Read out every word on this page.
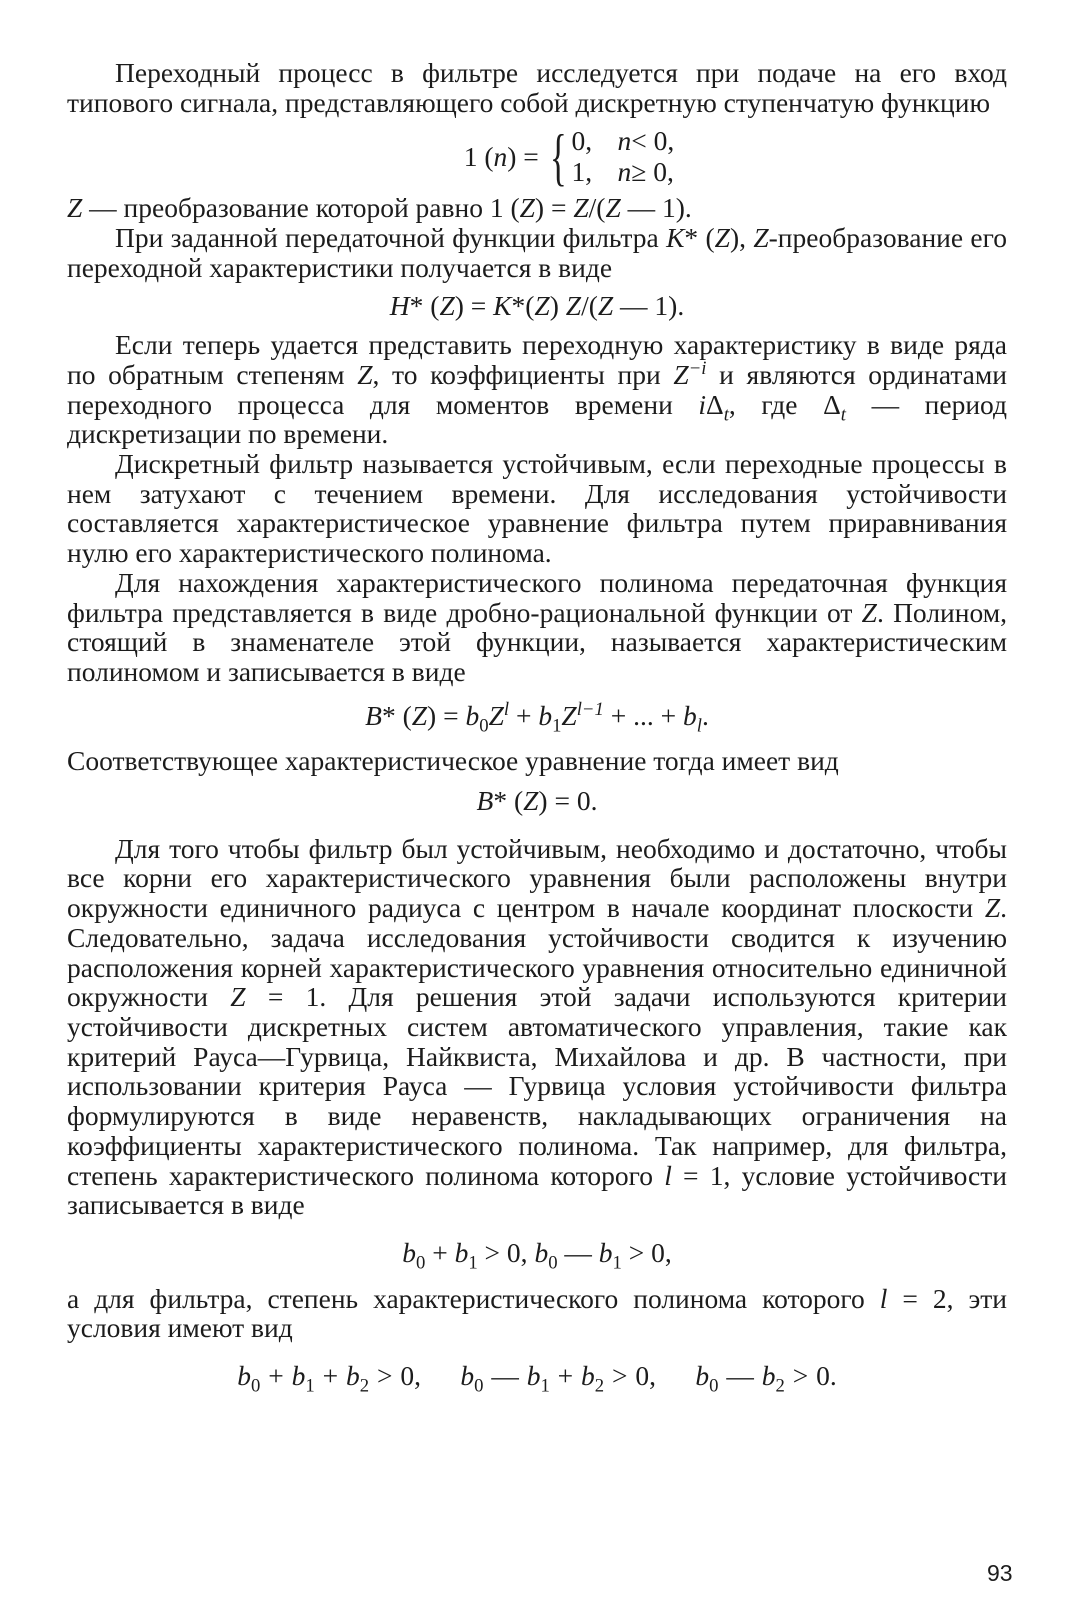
Переходный процесс в фильтре исследуется при подаче на его вход типового сигнала, представляющего собой дискретную ступенчатую функцию

1 (n) = { 0, n< 0,
1, n≥ 0,

Z — преобразование которой равно 1 (Z) = Z/(Z — 1).

При заданной передаточной функции фильтра K* (Z), Z-преобразование его переходной характеристики получается в виде

H* (Z) = K*(Z) Z/(Z — 1).

Если теперь удается представить переходную характеристику в виде ряда по обратным степеням Z, то коэффициенты при $Z^{-i}$ и являются ординатами переходного процесса для моментов времени $i\Delta_t$, где $\Delta_t$ — период дискретизации по времени.

Дискретный фильтр называется устойчивым, если переходные процессы в нем затухают с течением времени. Для исследования устойчивости составляется характеристическое уравнение фильтра путем приравнивания нулю его характеристического полинома.

Для нахождения характеристического полинома передаточная функция фильтра представляется в виде дробно-рациональной функции от Z. Полином, стоящий в знаменателе этой функции, называется характеристическим полиномом и записывается в виде

B* $(Z) = b_0Z^l + b_1Z^{l-1}$ + ... + $b_l$.

Соответствующее характеристическое уравнение тогда имеет вид

B* (Z) = 0.

Для того чтобы фильтр был устойчивым, необходимо и достаточно, чтобы все корни его характеристического уравнения были расположены внутри окружности единичного радиуса с центром в начале координат плоскости Z. Следовательно, задача исследования устойчивости сводится к изучению расположения корней характеристического уравнения относительно единичной окружности Z = 1. Для решения этой задачи используются критерии устойчивости дискретных систем автоматического управления, такие как критерий Рауса—Гурвица, Найквиста, Михайлова и др. В частности, при использовании критерия Рауса — Гурвица условия устойчивости фильтра формулируются в виде неравенств, накладывающих ограничения на коэффициенты характеристического полинома. Так например, для фильтра, степень характеристического полинома которого l = 1, условие устойчивости записывается в виде

$b_0 + b_1 > 0$, $b_0$ — $b_1 > 0$,

а для фильтра, степень характеристического полинома которого l = 2, эти условия имеют вид

$b_0 + b_1 + b_2 > 0$, $b_0$ — $b_1 + b_2 > 0$, $b_0$ — $b_2 > 0$.

93
